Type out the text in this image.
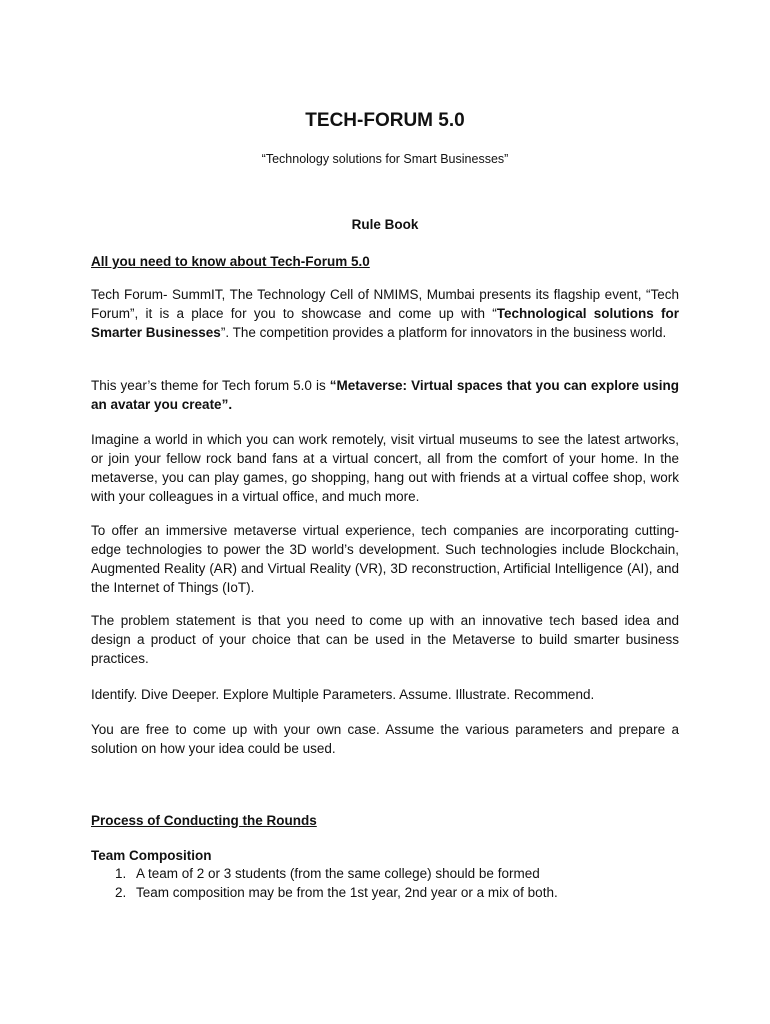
TECH-FORUM 5.0

“Technology solutions for Smart Businesses”

Rule Book

All you need to know about Tech-Forum 5.0

Tech Forum- SummIT, The Technology Cell of NMIMS, Mumbai presents its flagship event, “Tech Forum”, it is a place for you to showcase and come up with “Technological solutions for Smarter Businesses”. The competition provides a platform for innovators in the business world.

This year’s theme for Tech forum 5.0 is “Metaverse: Virtual spaces that you can explore using an avatar you create”.

Imagine a world in which you can work remotely, visit virtual museums to see the latest artworks, or join your fellow rock band fans at a virtual concert, all from the comfort of your home. In the metaverse, you can play games, go shopping, hang out with friends at a virtual coffee shop, work with your colleagues in a virtual office, and much more.

To offer an immersive metaverse virtual experience, tech companies are incorporating cutting-edge technologies to power the 3D world’s development. Such technologies include Blockchain, Augmented Reality (AR) and Virtual Reality (VR), 3D reconstruction, Artificial Intelligence (AI), and the Internet of Things (IoT).

The problem statement is that you need to come up with an innovative tech based idea and design a product of your choice that can be used in the Metaverse to build smarter business practices.

Identify. Dive Deeper. Explore Multiple Parameters. Assume. Illustrate. Recommend.

You are free to come up with your own case. Assume the various parameters and prepare a solution on how your idea could be used.

Process of Conducting the Rounds

Team Composition

1. A team of 2 or 3 students (from the same college) should be formed
2. Team composition may be from the 1st year, 2nd year or a mix of both.
